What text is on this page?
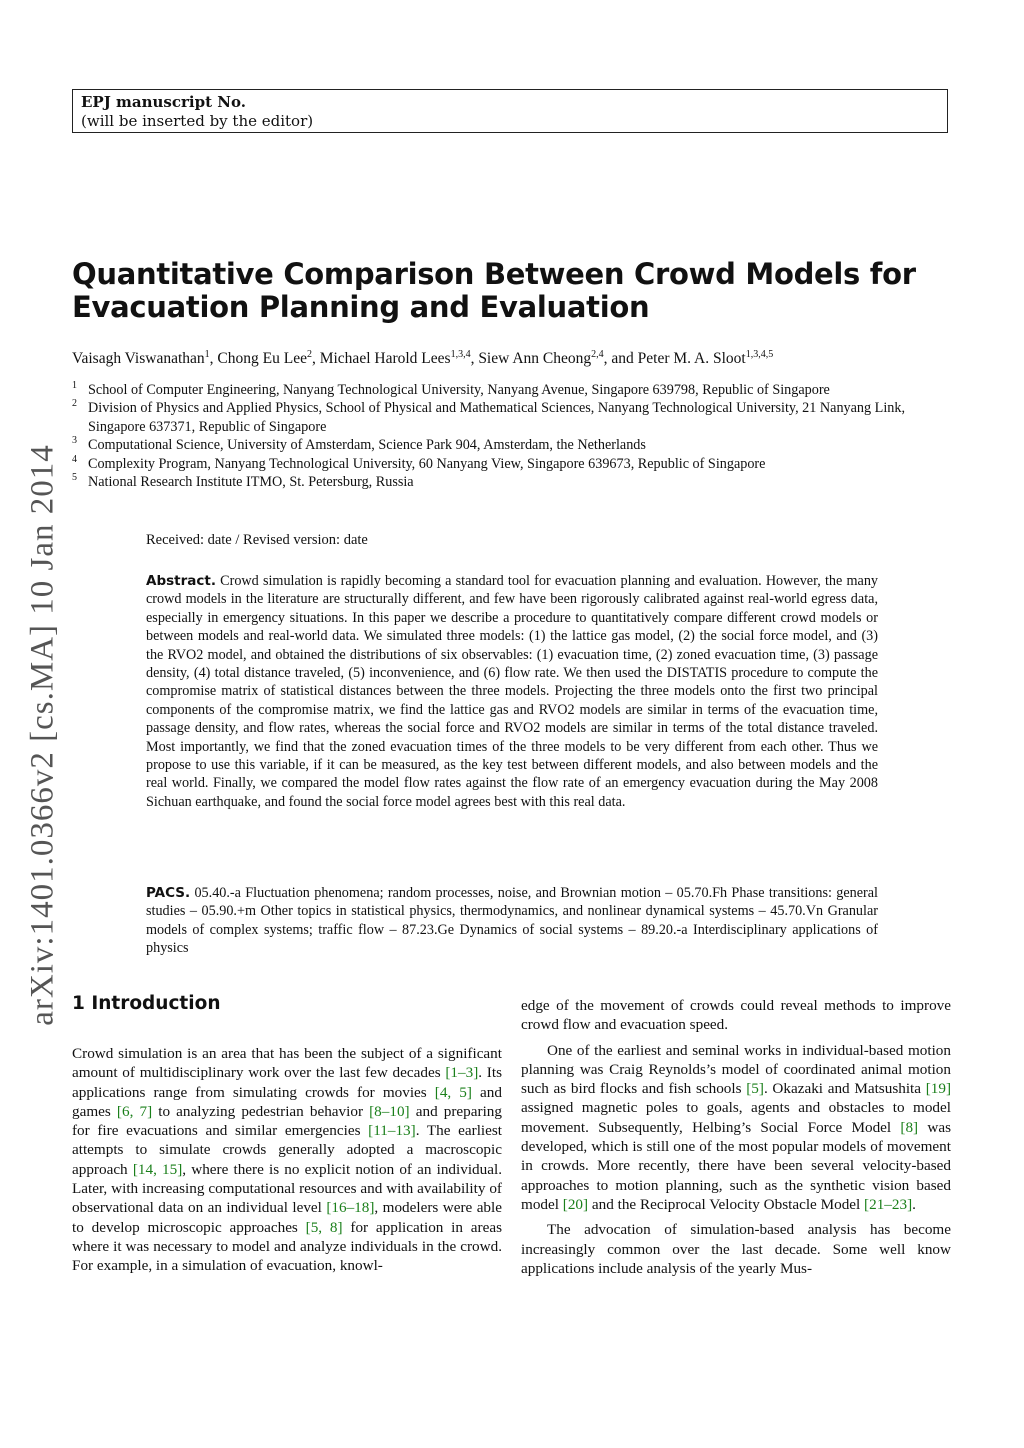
EPJ manuscript No.
(will be inserted by the editor)
arXiv:1401.0366v2 [cs.MA] 10 Jan 2014
Quantitative Comparison Between Crowd Models for Evacuation Planning and Evaluation
Vaisagh Viswanathan$^1$, Chong Eu Lee$^2$, Michael Harold Lees$^{1,3,4}$, Siew Ann Cheong$^{2,4}$, and Peter M. A. Sloot$^{1,3,4,5}$
1 School of Computer Engineering, Nanyang Technological University, Nanyang Avenue, Singapore 639798, Republic of Singapore
2 Division of Physics and Applied Physics, School of Physical and Mathematical Sciences, Nanyang Technological University, 21 Nanyang Link, Singapore 637371, Republic of Singapore
3 Computational Science, University of Amsterdam, Science Park 904, Amsterdam, the Netherlands
4 Complexity Program, Nanyang Technological University, 60 Nanyang View, Singapore 639673, Republic of Singapore
5 National Research Institute ITMO, St. Petersburg, Russia
Received: date / Revised version: date
Abstract. Crowd simulation is rapidly becoming a standard tool for evacuation planning and evaluation. However, the many crowd models in the literature are structurally different, and few have been rigorously calibrated against real-world egress data, especially in emergency situations. In this paper we describe a procedure to quantitatively compare different crowd models or between models and real-world data. We simulated three models: (1) the lattice gas model, (2) the social force model, and (3) the RVO2 model, and obtained the distributions of six observables: (1) evacuation time, (2) zoned evacuation time, (3) passage density, (4) total distance traveled, (5) inconvenience, and (6) flow rate. We then used the DISTATIS procedure to compute the compromise matrix of statistical distances between the three models. Projecting the three models onto the first two principal components of the compromise matrix, we find the lattice gas and RVO2 models are similar in terms of the evacuation time, passage density, and flow rates, whereas the social force and RVO2 models are similar in terms of the total distance traveled. Most importantly, we find that the zoned evacuation times of the three models to be very different from each other. Thus we propose to use this variable, if it can be measured, as the key test between different models, and also between models and the real world. Finally, we compared the model flow rates against the flow rate of an emergency evacuation during the May 2008 Sichuan earthquake, and found the social force model agrees best with this real data.
PACS. 05.40.-a Fluctuation phenomena; random processes, noise, and Brownian motion – 05.70.Fh Phase transitions: general studies – 05.90.+m Other topics in statistical physics, thermodynamics, and nonlinear dynamical systems – 45.70.Vn Granular models of complex systems; traffic flow – 87.23.Ge Dynamics of social systems – 89.20.-a Interdisciplinary applications of physics
1 Introduction

Crowd simulation is an area that has been the subject of a significant amount of multidisciplinary work over the last few decades [1–3]. Its applications range from simulating crowds for movies [4, 5] and games [6, 7] to analyzing pedestrian behavior [8–10] and preparing for fire evacuations and similar emergencies [11–13]. The earliest attempts to simulate crowds generally adopted a macroscopic approach [14, 15], where there is no explicit notion of an individual. Later, with increasing computational resources and with availability of observational data on an individual level [16–18], modelers were able to develop microscopic approaches [5, 8] for application in areas where it was necessary to model and analyze individuals in the crowd. For example, in a simulation of evacuation, knowl-

edge of the movement of crowds could reveal methods to improve crowd flow and evacuation speed.

One of the earliest and seminal works in individual-based motion planning was Craig Reynolds’s model of coordinated animal motion such as bird flocks and fish schools [5]. Okazaki and Matsushita [19] assigned magnetic poles to goals, agents and obstacles to model movement. Subsequently, Helbing’s Social Force Model [8] was developed, which is still one of the most popular models of movement in crowds. More recently, there have been several velocity-based approaches to motion planning, such as the synthetic vision based model [20] and the Reciprocal Velocity Obstacle Model [21–23].

The advocation of simulation-based analysis has become increasingly common over the last decade. Some well know applications include analysis of the yearly Mus-
